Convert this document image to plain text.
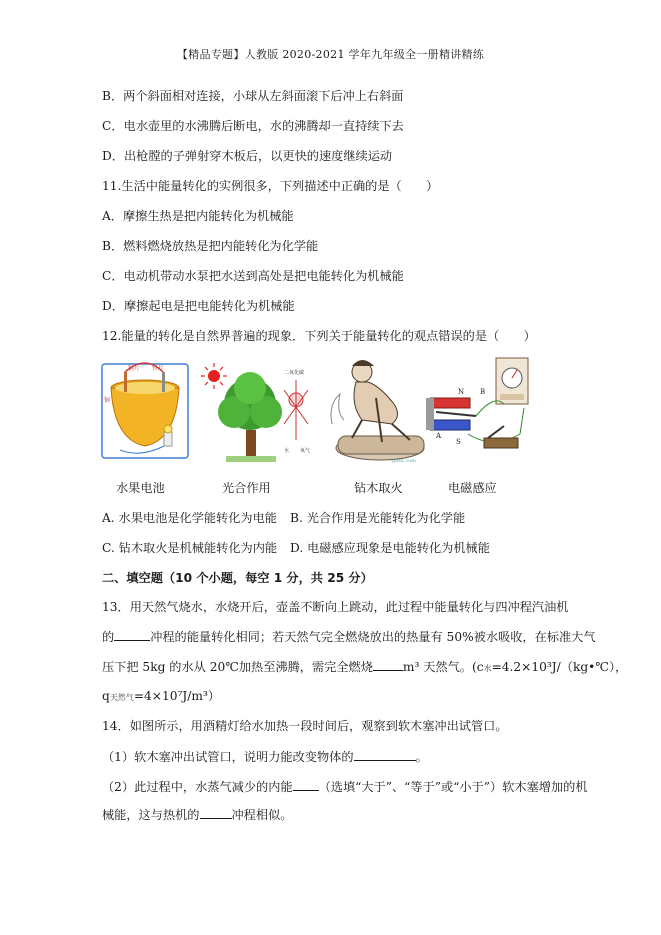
【精品专题】人教版 2020-2021 学年九年级全一册精讲精练
B．两个斜面相对连接，小球从左斜面滚下后冲上右斜面
C．电水壶里的水沸腾后断电，水的沸腾却一直持续下去
D．出枪膛的子弹射穿木板后，以更快的速度继续运动
11.生活中能量转化的实例很多，下列描述中正确的是（　　）
A．摩擦生热是把内能转化为机械能
B．燃料燃烧放热是把内能转化为化学能
C．电动机带动水泵把水送到高处是把电能转化为机械能
D．摩擦起电是把电能转化为机械能
12.能量的转化是自然界普遍的现象．下列关于能量转化的观点错误的是（　　）
铜片 锌片
铜
二氧化碳
水 氧气
gkxx.com
N
S
A
B
水果电池	光合作用	钻木取火	电磁感应
A. 水果电池是化学能转化为电能 B. 光合作用是光能转化为化学能
C. 钻木取火是机械能转化为内能 D. 电磁感应现象是电能转化为机械能
二、填空题（10 个小题，每空 1 分，共 25 分）
13．用天然气烧水，水烧开后，壶盖不断向上跳动，此过程中能量转化与四冲程汽油机
的	冲程的能量转化相同；若天然气完全燃烧放出的热量有 50%被水吸收，在标准大气
压下把 5kg 的水从 20℃加热至沸腾，需完全燃烧 m³ 天然气。(c水=4.2×10³J/（kg•℃），
q天然气=4×10⁷J/m³）
14．如图所示，用酒精灯给水加热一段时间后，观察到软木塞冲出试管口。
（1）软木塞冲出试管口，说明力能改变物体的	。
（2）此过程中，水蒸气减少的内能 （选填“大于”、“等于”或“小于”）软木塞增加的机
械能，这与热机的	冲程相似。
